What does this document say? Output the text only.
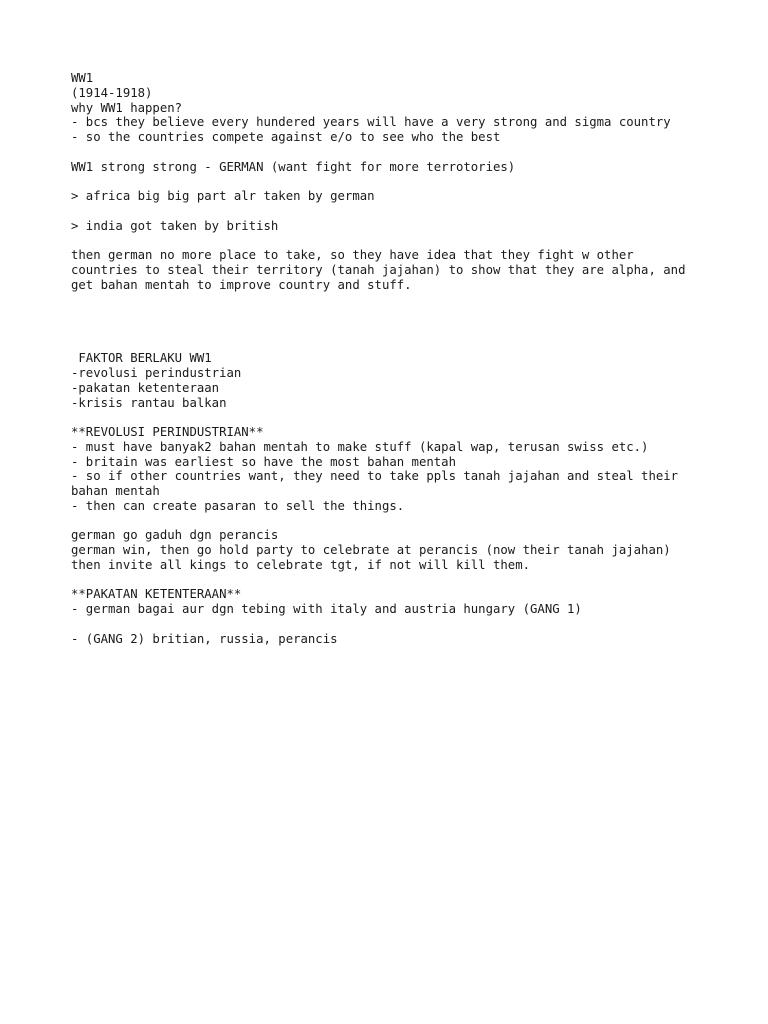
WW1
(1914-1918)
why WW1 happen?
- bcs they believe every hundered years will have a very strong and sigma country
- so the countries compete against e/o to see who the best
WW1 strong strong - GERMAN (want fight for more terrotories)
> africa big big part alr taken by german
> india got taken by british
then german no more place to take, so they have idea that they fight w other
countries to steal their territory (tanah jajahan) to show that they are alpha, and
get bahan mentah to improve country and stuff.
FAKTOR BERLAKU WW1
-revolusi perindustrian
-pakatan ketenteraan
-krisis rantau balkan
**REVOLUSI PERINDUSTRIAN**
- must have banyak2 bahan mentah to make stuff (kapal wap, terusan swiss etc.)
- britain was earliest so have the most bahan mentah
- so if other countries want, they need to take ppls tanah jajahan and steal their
bahan mentah
- then can create pasaran to sell the things.
german go gaduh dgn perancis
german win, then go hold party to celebrate at perancis (now their tanah jajahan)
then invite all kings to celebrate tgt, if not will kill them.
**PAKATAN KETENTERAAN**
- german bagai aur dgn tebing with italy and austria hungary (GANG 1)
- (GANG 2) britian, russia, perancis
